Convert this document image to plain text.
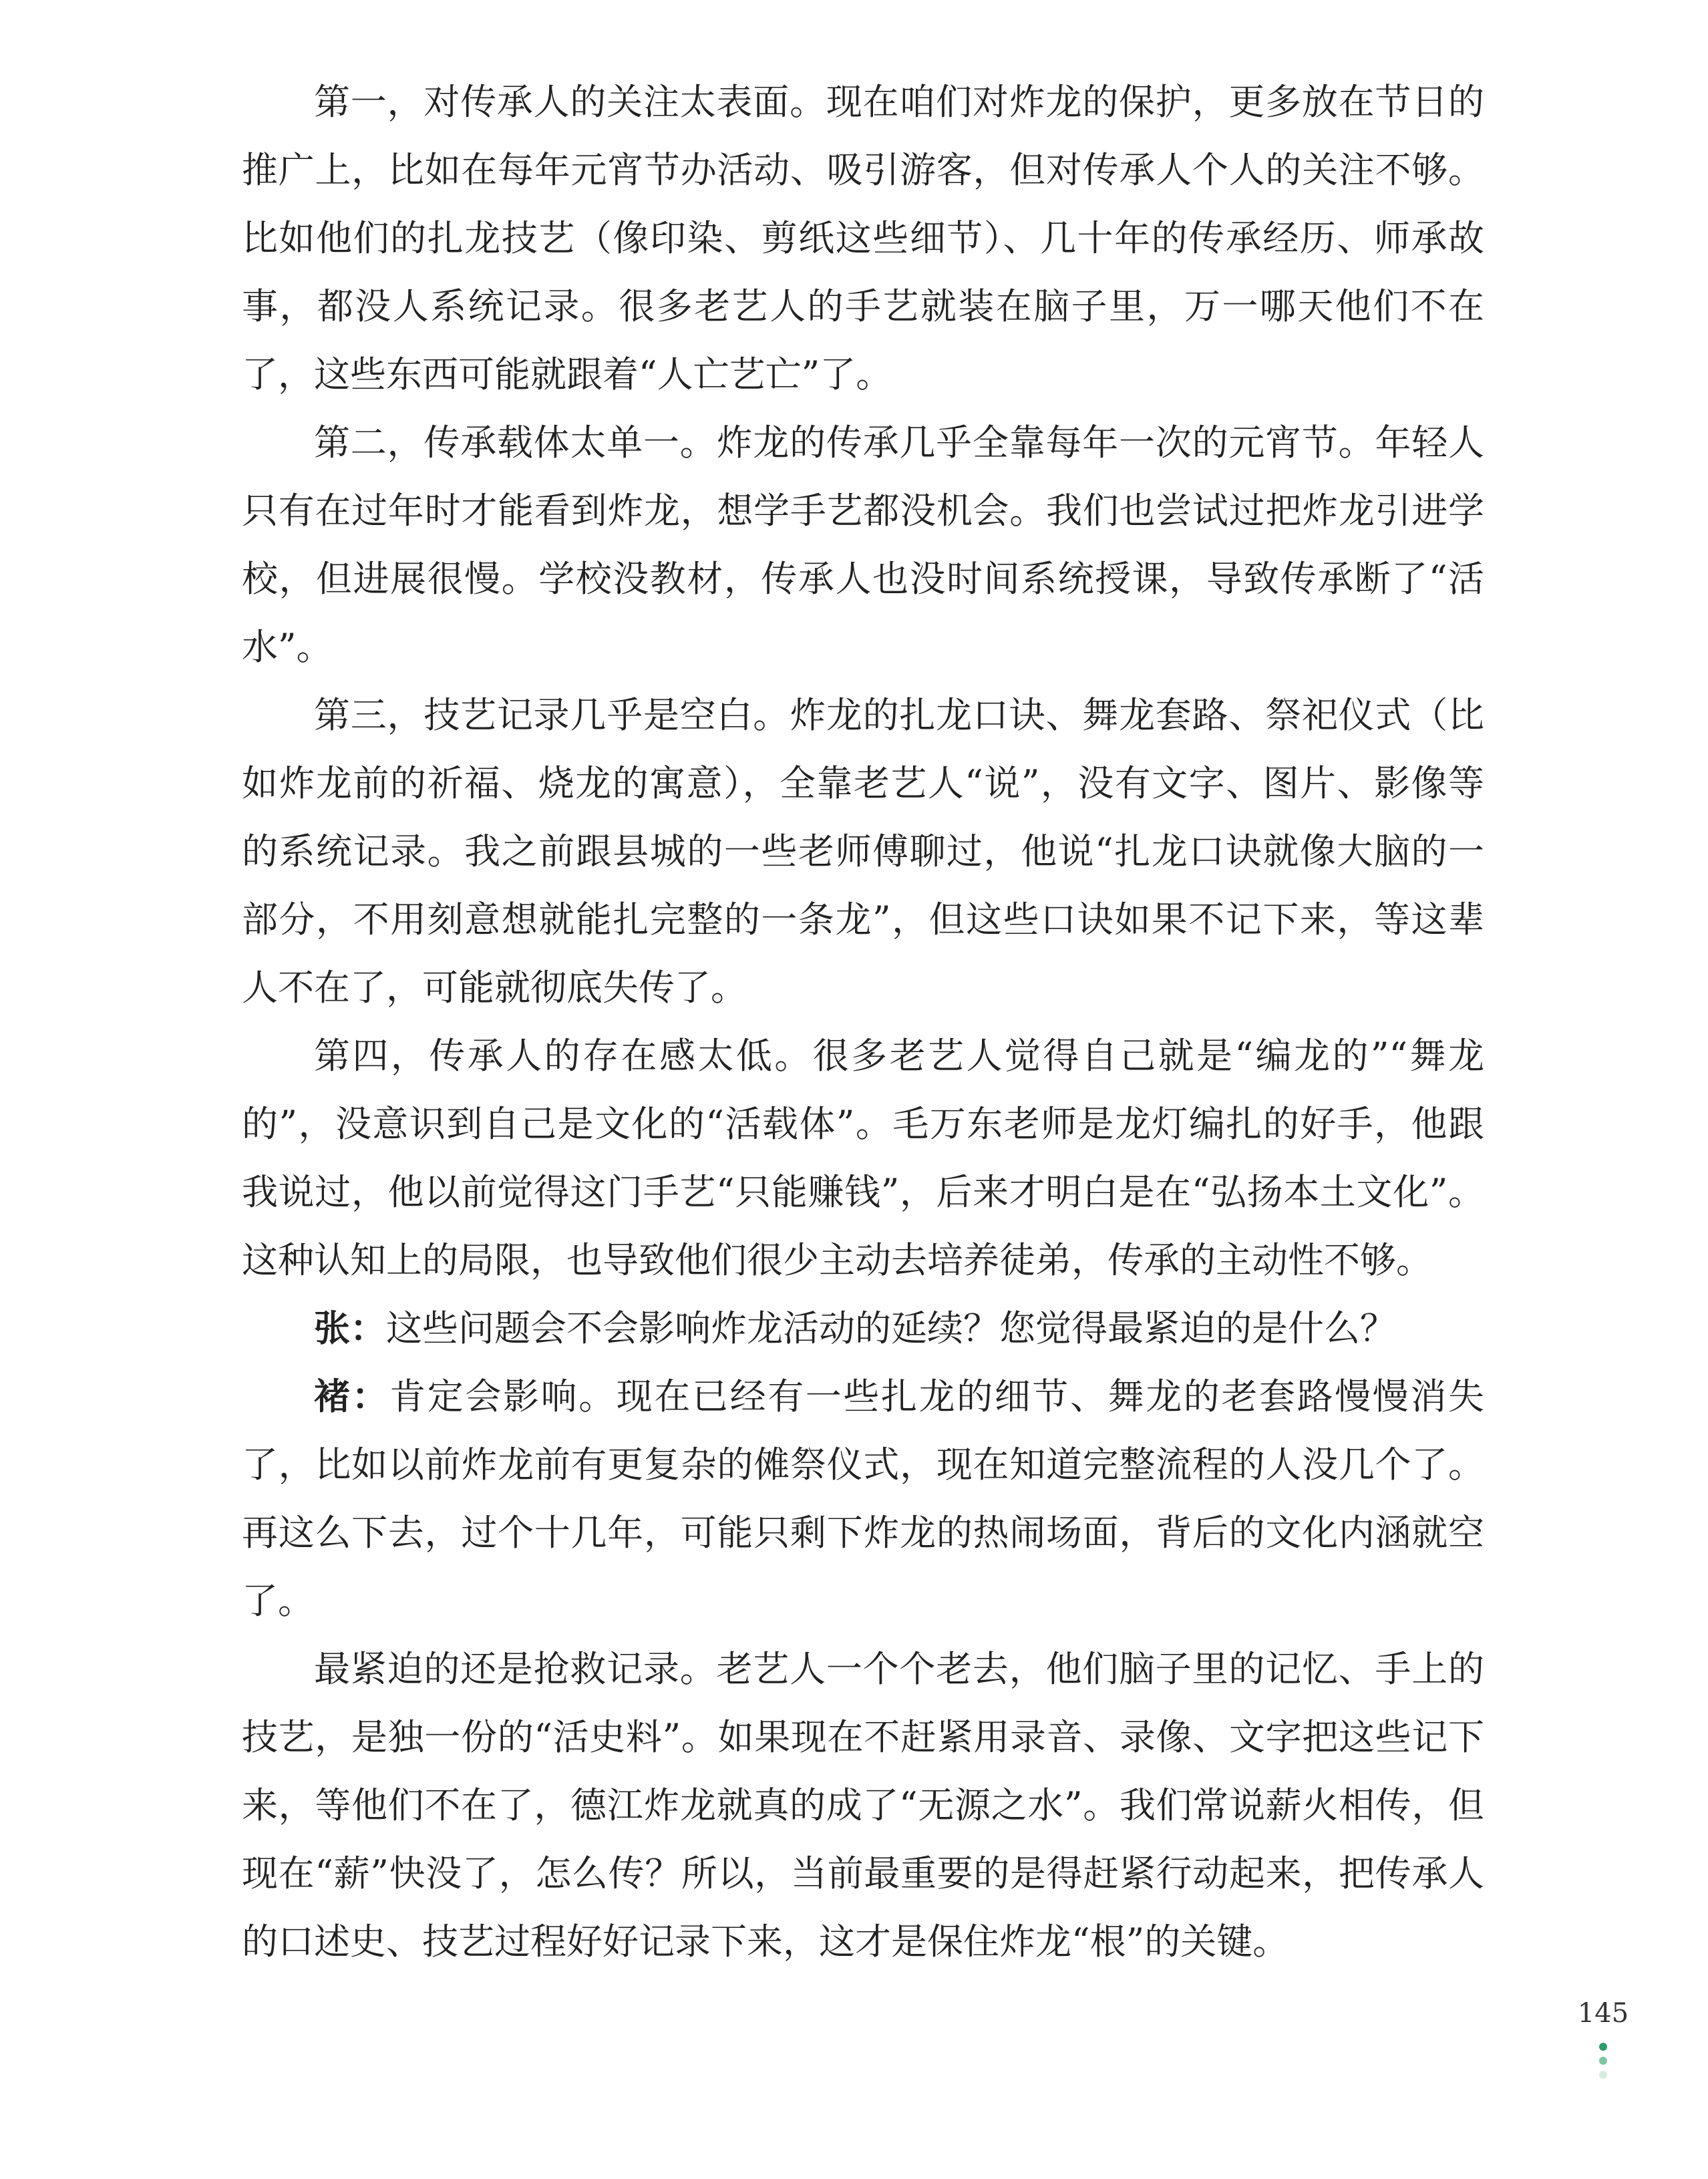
第一，对传承人的关注太表面。现在咱们对炸龙的保护，更多放在节日的推广上，比如在每年元宵节办活动、吸引游客，但对传承人个人的关注不够。比如他们的扎龙技艺（像印染、剪纸这些细节）、几十年的传承经历、师承故事，都没人系统记录。很多老艺人的手艺就装在脑子里，万一哪天他们不在了，这些东西可能就跟着“人亡艺亡”了。

第二，传承载体太单一。炸龙的传承几乎全靠每年一次的元宵节。年轻人只有在过年时才能看到炸龙，想学手艺都没机会。我们也尝试过把炸龙引进学校，但进展很慢。学校没教材，传承人也没时间系统授课，导致传承断了“活水”。

第三，技艺记录几乎是空白。炸龙的扎龙口诀、舞龙套路、祭祀仪式（比如炸龙前的祈福、烧龙的寓意），全靠老艺人“说”，没有文字、图片、影像等的系统记录。我之前跟县城的一些老师傅聊过，他说“扎龙口诀就像大脑的一部分，不用刻意想就能扎完整的一条龙”，但这些口诀如果不记下来，等这辈人不在了，可能就彻底失传了。

第四，传承人的存在感太低。很多老艺人觉得自己就是“编龙的”“舞龙的”，没意识到自己是文化的“活载体”。毛万东老师是龙灯编扎的好手，他跟我说过，他以前觉得这门手艺“只能赚钱”，后来才明白是在“弘扬本土文化”。这种认知上的局限，也导致他们很少主动去培养徒弟，传承的主动性不够。

张：这些问题会不会影响炸龙活动的延续？您觉得最紧迫的是什么？

褚：肯定会影响。现在已经有一些扎龙的细节、舞龙的老套路慢慢消失了，比如以前炸龙前有更复杂的傩祭仪式，现在知道完整流程的人没几个了。再这么下去，过个十几年，可能只剩下炸龙的热闹场面，背后的文化内涵就空了。

最紧迫的还是抢救记录。老艺人一个个老去，他们脑子里的记忆、手上的技艺，是独一份的“活史料”。如果现在不赶紧用录音、录像、文字把这些记下来，等他们不在了，德江炸龙就真的成了“无源之水”。我们常说薪火相传，但现在“薪”快没了，怎么传？所以，当前最重要的是得赶紧行动起来，把传承人的口述史、技艺过程好好记录下来，这才是保住炸龙“根”的关键。

145
